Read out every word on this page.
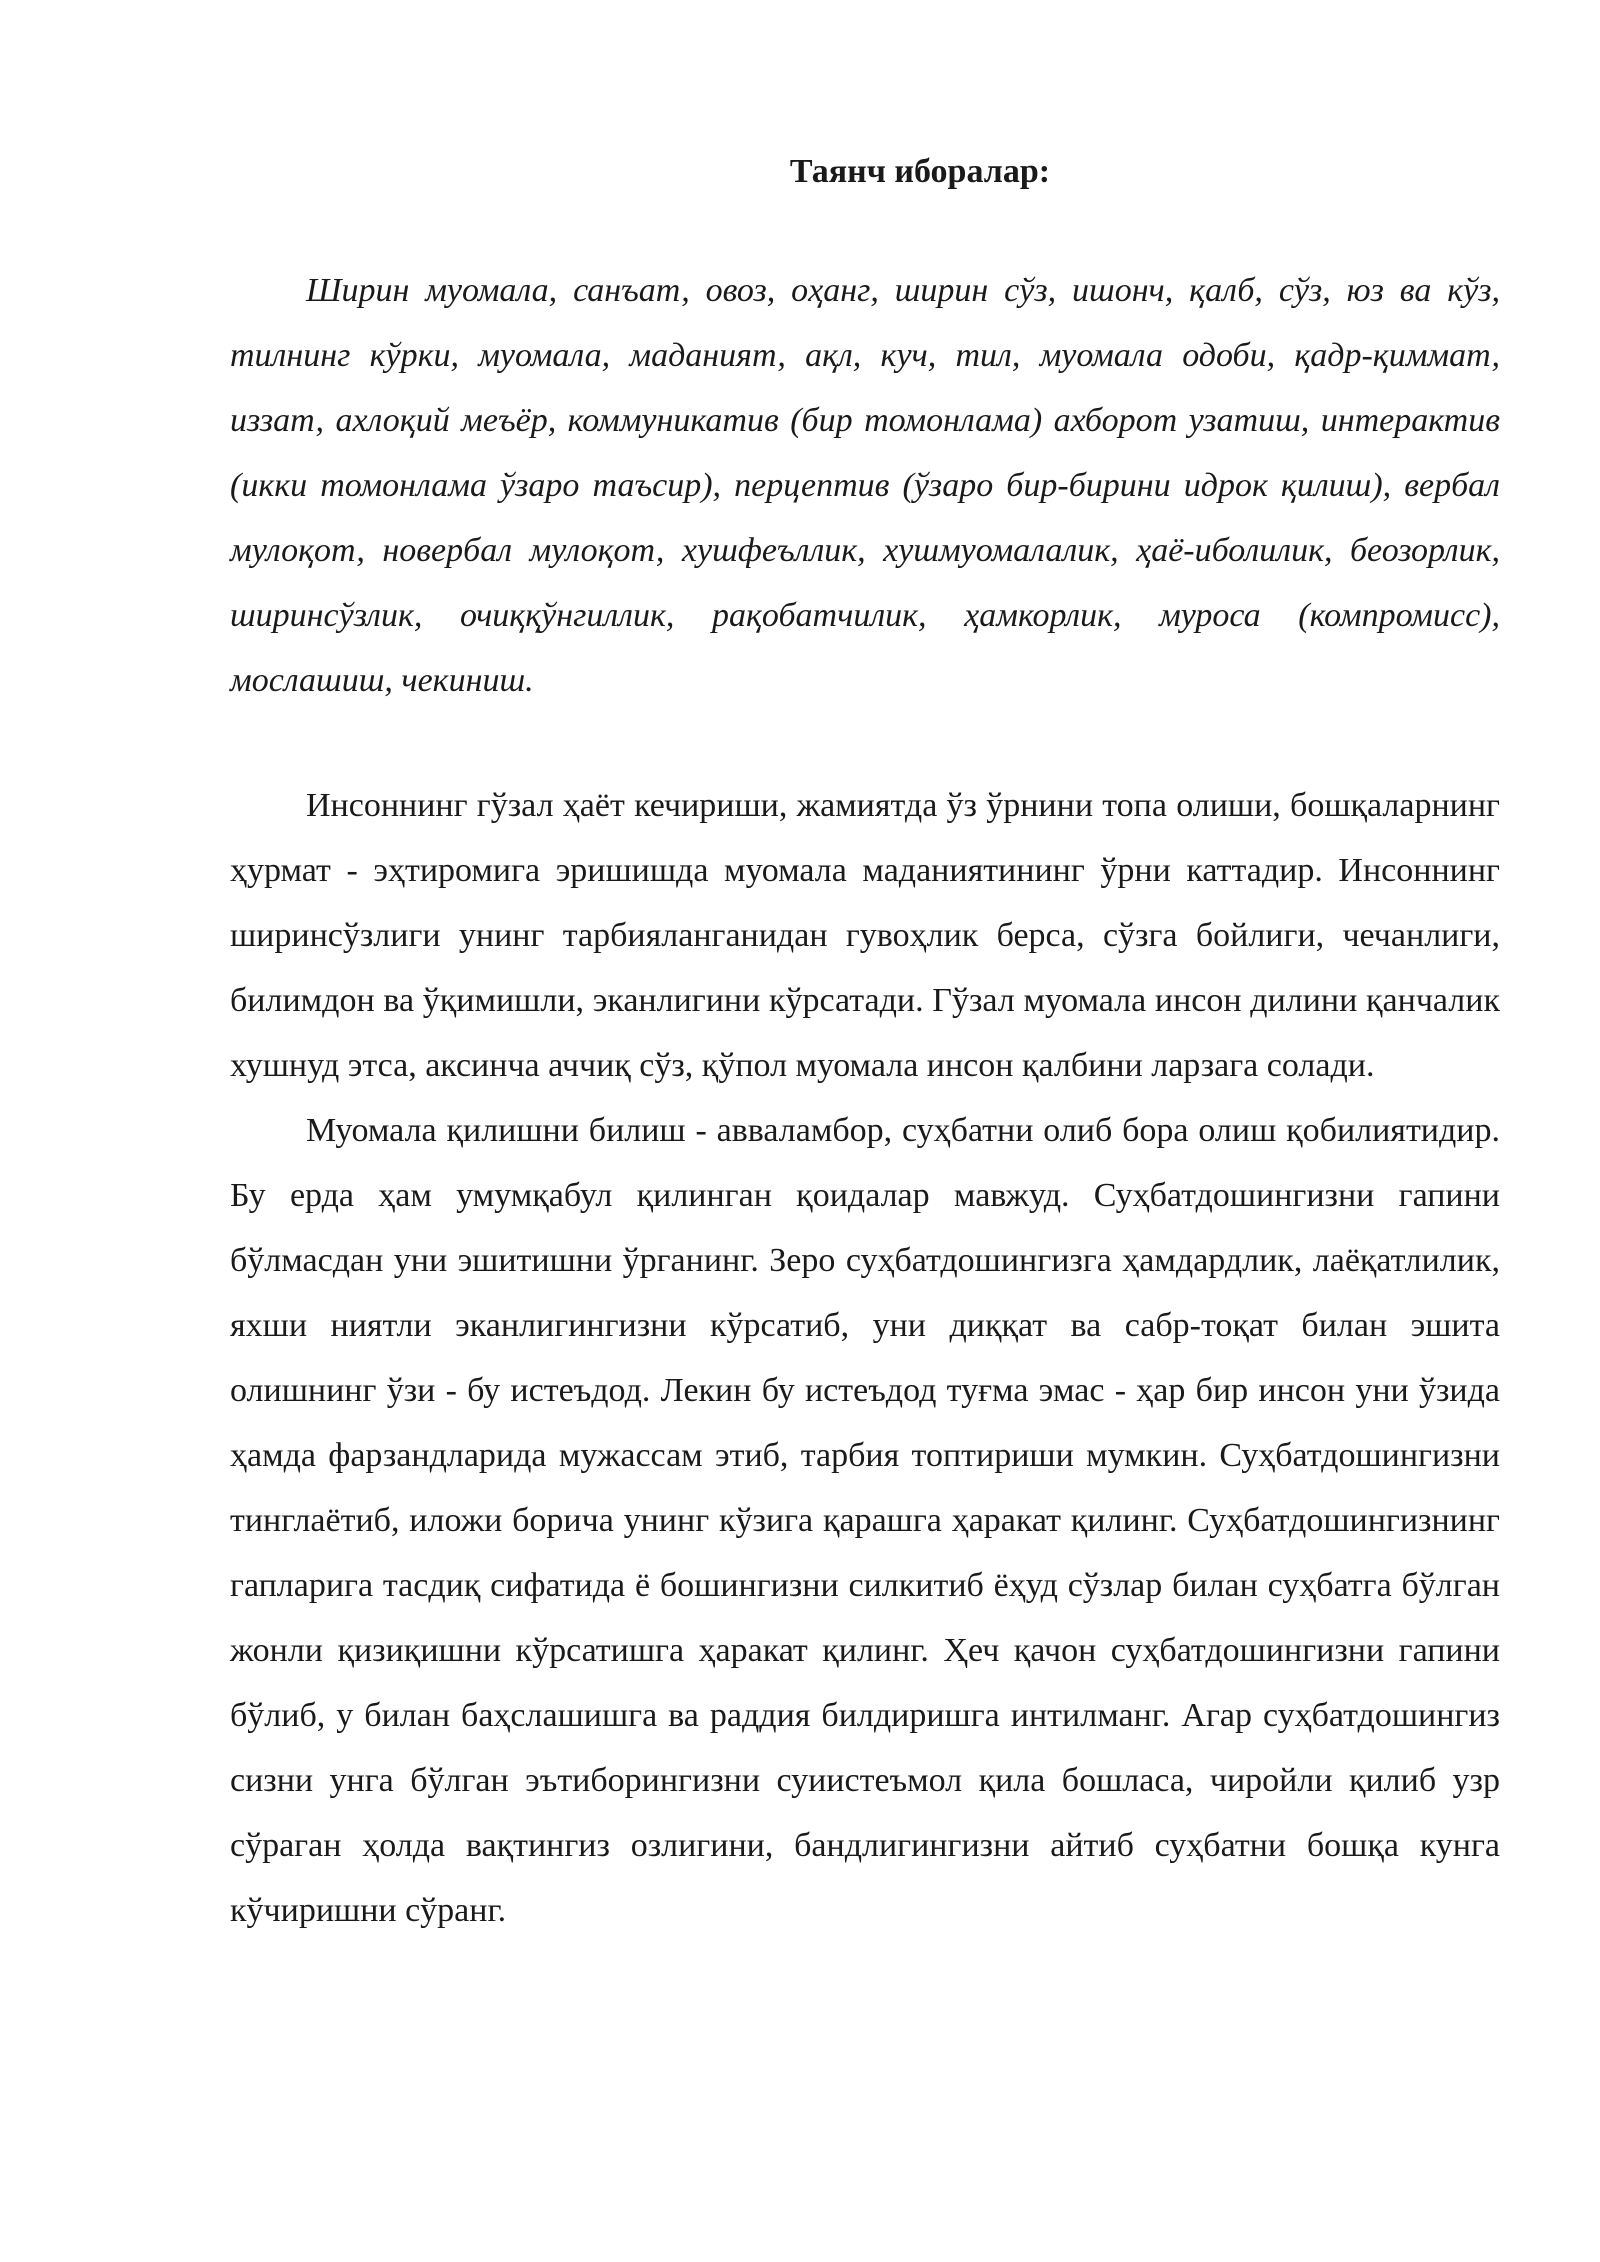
Таянч иборалар:

Ширин муомала, санъат, овоз, оҳанг, ширин сўз, ишонч, қалб, сўз, юз ва кўз, тилнинг кўрки, муомала, маданият, ақл, куч, тил, муомала одоби, қадр-қиммат, иззат, ахлоқий меъёр, коммуникатив (бир томонлама) ахборот узатиш, интерактив (икки томонлама ўзаро таъсир), перцептив (ўзаро бир-бирини идрок қилиш), вербал мулоқот, новербал мулоқот, хушфеъллик, хушмуомалалик, ҳаё-иболилик, беозорлик, ширинсўзлик, очиққўнгиллик, рақобатчилик, ҳамкорлик, муроса (компромисс), мослашиш, чекиниш.

Инсоннинг гўзал ҳаёт кечириши, жамиятда ўз ўрнини топа олиши, бошқаларнинг ҳурмат - эҳтиромига эришишда муомала маданиятининг ўрни каттадир. Инсоннинг ширинсўзлиги унинг тарбияланганидан гувоҳлик берса, сўзга бойлиги, чечанлиги, билимдон ва ўқимишли, эканлигини кўрсатади. Гўзал муомала инсон дилини қанчалик хушнуд этса, аксинча аччиқ сўз, қўпол муомала инсон қалбини ларзага солади.

Муомала қилишни билиш - авваламбор, суҳбатни олиб бора олиш қобилиятидир. Бу ерда ҳам умумқабул қилинган қоидалар мавжуд. Суҳбатдошингизни гапини бўлмасдан уни эшитишни ўрганинг. Зеро суҳбатдошингизга ҳамдардлик, лаёқатлилик, яхши ниятли эканлигингизни кўрсатиб, уни диққат ва сабр-тоқат билан эшита олишнинг ўзи - бу истеъдод. Лекин бу истеъдод туғма эмас - ҳар бир инсон уни ўзида ҳамда фарзандларида мужассам этиб, тарбия топтириши мумкин. Суҳбатдошингизни тинглаётиб, иложи борича унинг кўзига қарашга ҳаракат қилинг. Суҳбатдошингизнинг гапларига тасдиқ сифатида ё бошингизни силкитиб ёҳуд сўзлар билан суҳбатга бўлган жонли қизиқишни кўрсатишга ҳаракат қилинг. Ҳеч қачон суҳбатдошингизни гапини бўлиб, у билан баҳслашишга ва раддия билдиришга интилманг. Агар суҳбатдошингиз сизни унга бўлган эътиборингизни суиистеъмол қила бошласа, чиройли қилиб узр сўраган ҳолда вақтингиз озлигини, бандлигингизни айтиб суҳбатни бошқа кунга кўчиришни сўранг.
